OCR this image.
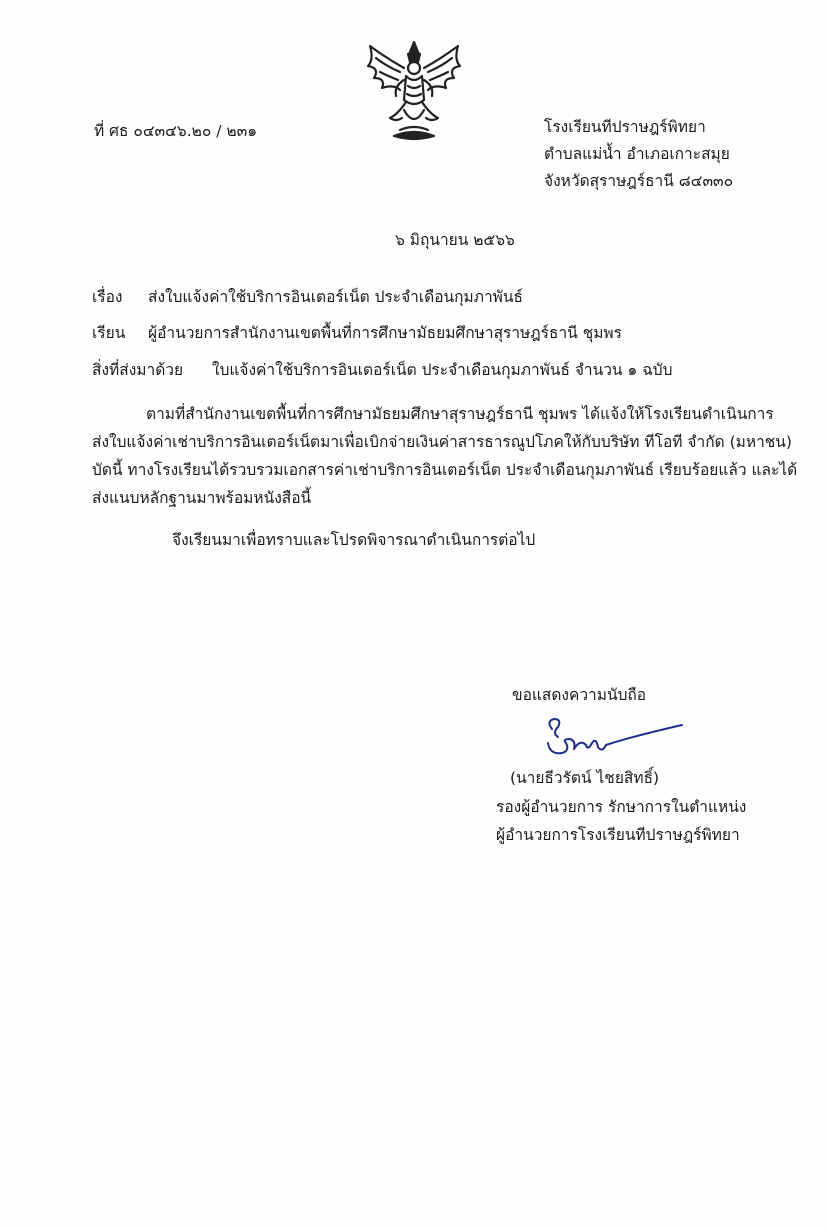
ที่ ศธ ๐๔๓๔๖.๒๐ / ๒๓๑	โรงเรียนทีปราษฎร์พิทยา
ตำบลแม่น้ำ อำเภอเกาะสมุย
จังหวัดสุราษฎร์ธานี ๘๔๓๓๐
๖ มิถุนายน ๒๕๖๖
เรื่อง ส่งใบแจ้งค่าใช้บริการอินเตอร์เน็ต ประจำเดือนกุมภาพันธ์
เรียน ผู้อำนวยการสำนักงานเขตพื้นที่การศึกษามัธยมศึกษาสุราษฎร์ธานี ชุมพร
สิ่งที่ส่งมาด้วย ใบแจ้งค่าใช้บริการอินเตอร์เน็ต ประจำเดือนกุมภาพันธ์ จำนวน ๑ ฉบับ
ตามที่สำนักงานเขตพื้นที่การศึกษามัธยมศึกษาสุราษฎร์ธานี ชุมพร ได้แจ้งให้โรงเรียนดำเนินการ
ส่งใบแจ้งค่าเช่าบริการอินเตอร์เน็ตมาเพื่อเบิกจ่ายเงินค่าสารธารณูปโภคให้กับบริษัท ทีโอที จำกัด (มหาชน)
บัดนี้ ทางโรงเรียนได้รวบรวมเอกสารค่าเช่าบริการอินเตอร์เน็ต ประจำเดือนกุมภาพันธ์ เรียบร้อยแล้ว และได้
ส่งแนบหลักฐานมาพร้อมหนังสือนี้
จึงเรียนมาเพื่อทราบและโปรดพิจารณาดำเนินการต่อไป
ขอแสดงความนับถือ
(นายธีวรัตน์ ไชยสิทธิ์)
รองผู้อำนวยการ รักษาการในตำแหน่ง
ผู้อำนวยการโรงเรียนทีปราษฎร์พิทยา
